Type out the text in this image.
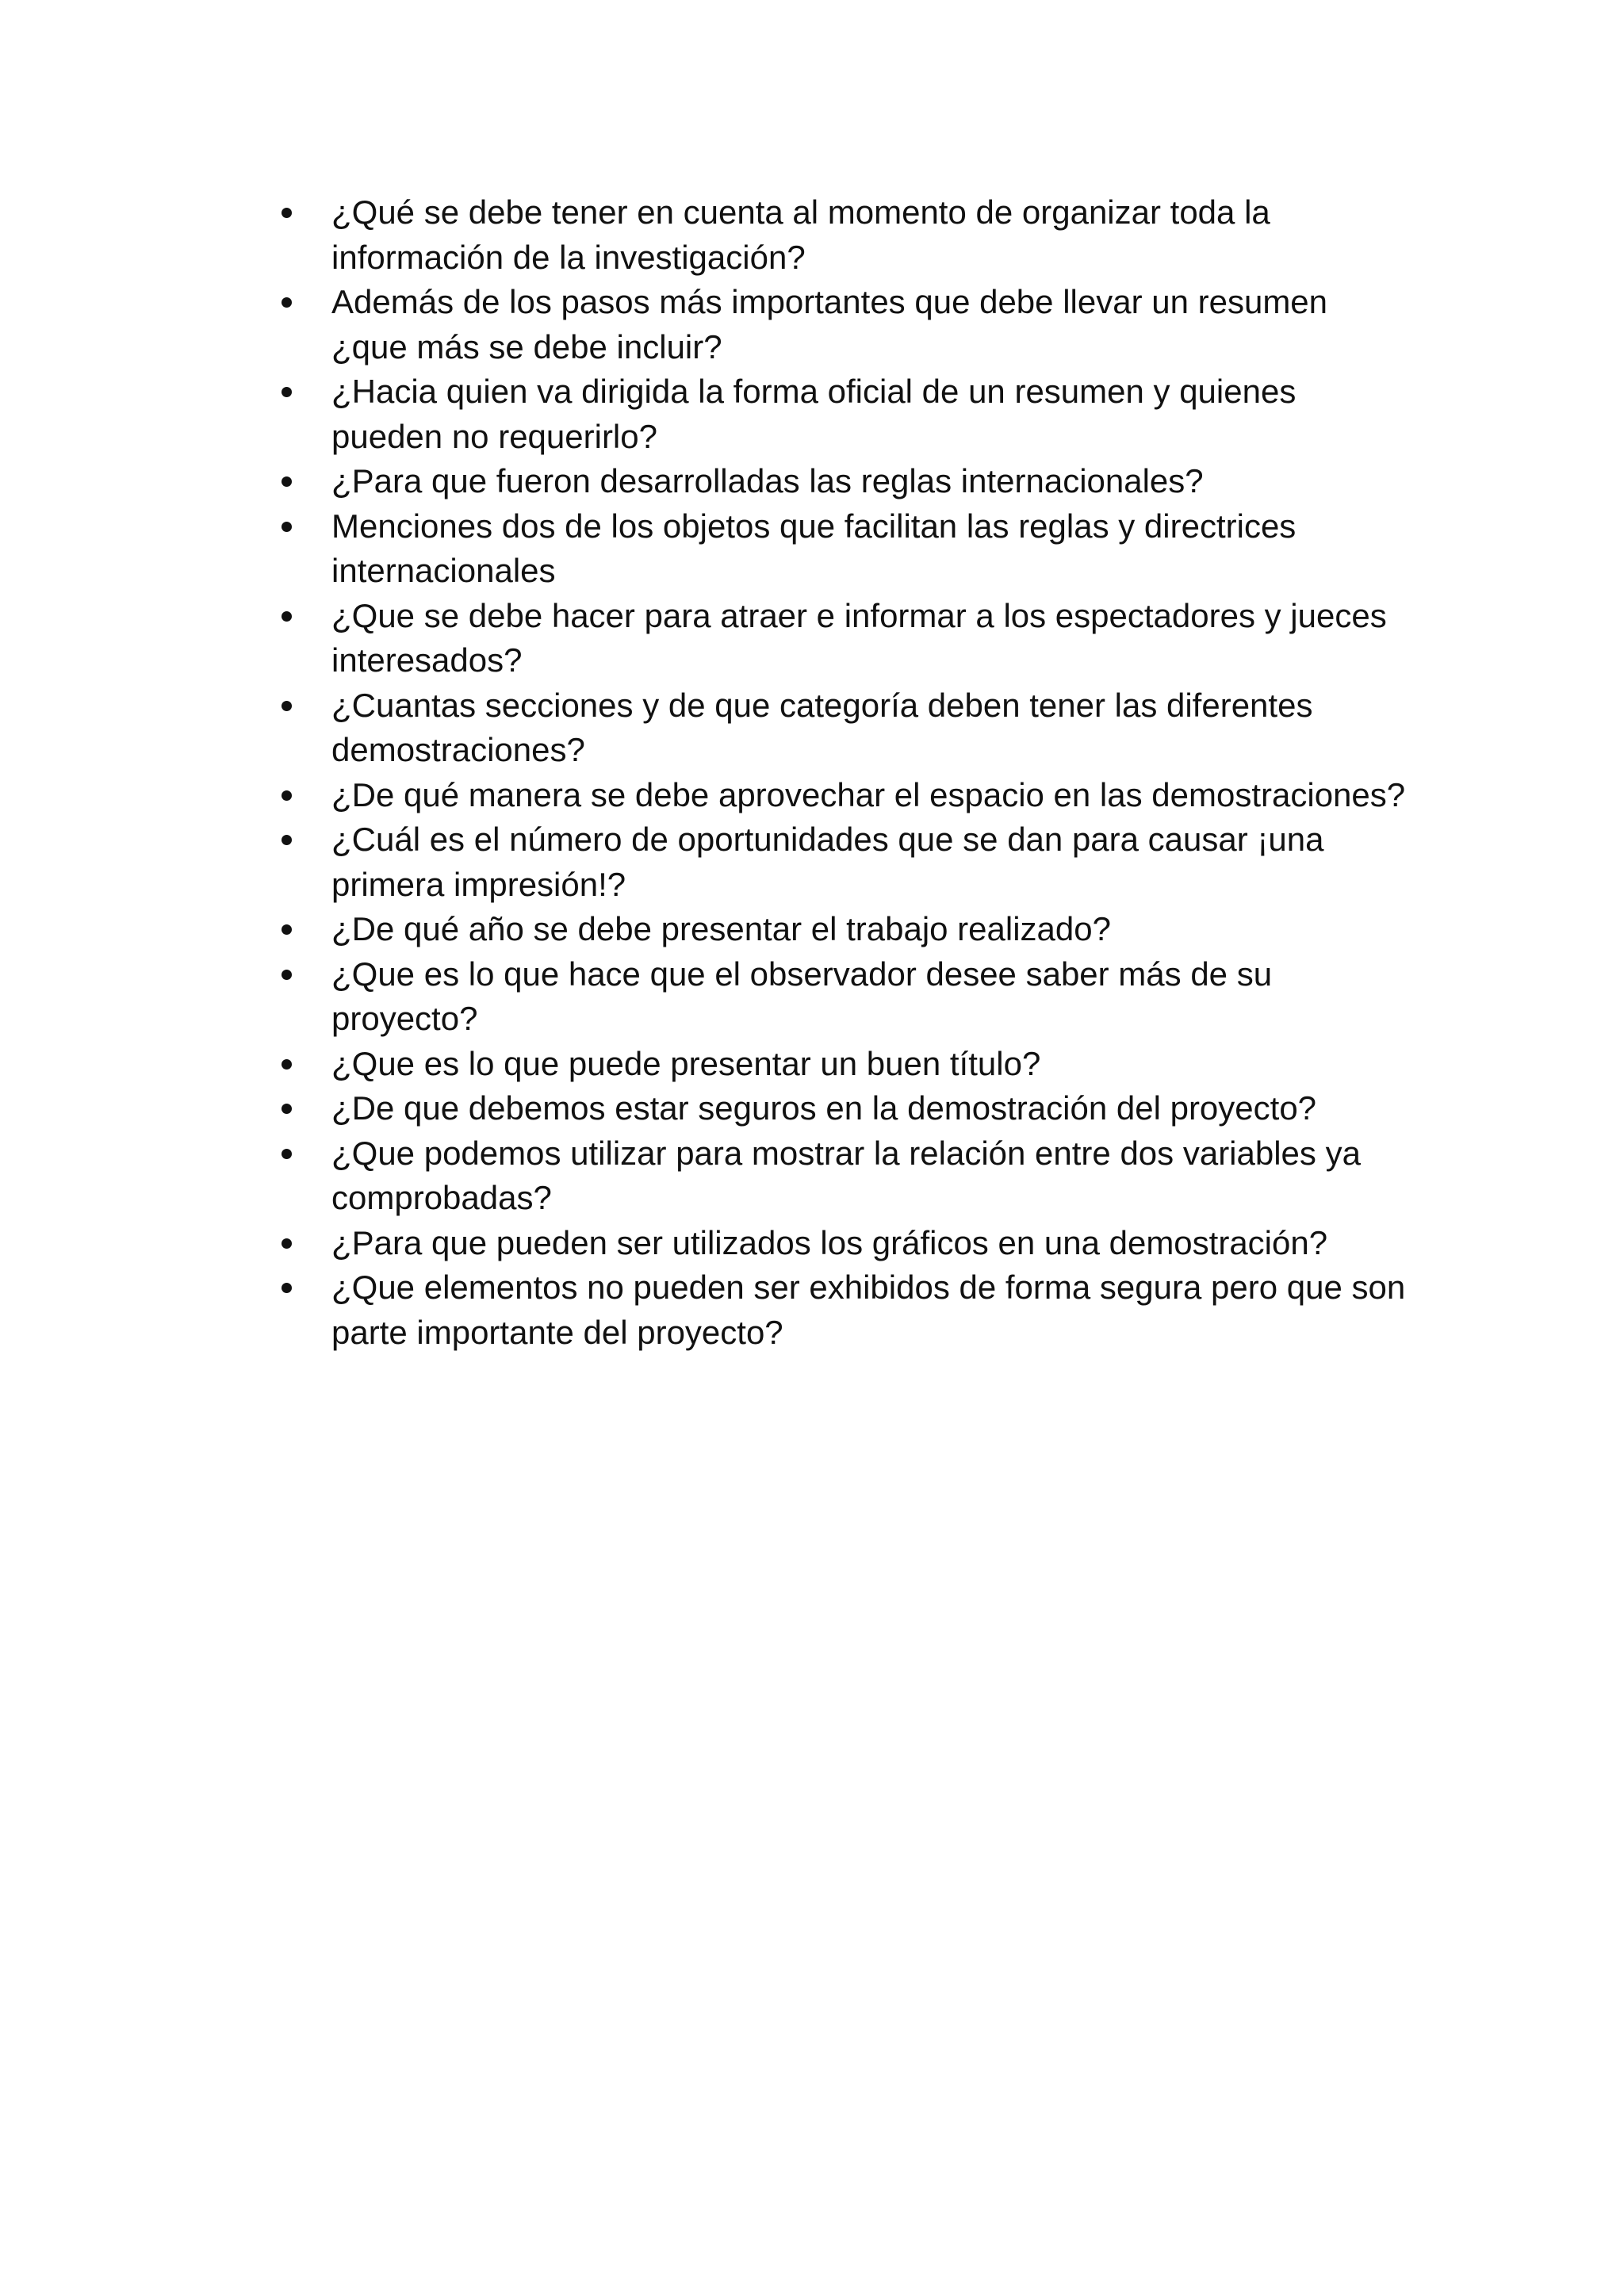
¿Qué se debe tener en cuenta al momento de organizar toda la información de la investigación?
Además de los pasos más importantes que debe llevar un resumen ¿que más se debe incluir?
¿Hacia quien va dirigida la forma oficial de un resumen y quienes pueden no requerirlo?
¿Para que fueron desarrolladas las reglas internacionales?
Menciones dos de los objetos que facilitan las reglas y directrices internacionales
¿Que se debe hacer para atraer e informar a los espectadores y jueces interesados?
¿Cuantas secciones y de que categoría deben tener las diferentes demostraciones?
¿De qué manera se debe aprovechar el espacio en las demostraciones?
¿Cuál es el número de oportunidades que se dan para causar ¡una primera impresión!?
¿De qué año se debe presentar el trabajo realizado?
¿Que es lo que hace que el observador desee saber más de su proyecto?
¿Que es lo que puede presentar un buen título?
¿De que debemos estar seguros en la demostración del proyecto?
¿Que podemos utilizar para mostrar la relación entre dos variables ya comprobadas?
¿Para que pueden ser utilizados los gráficos en una demostración?
¿Que elementos no pueden ser exhibidos de forma segura pero que son parte importante del proyecto?
